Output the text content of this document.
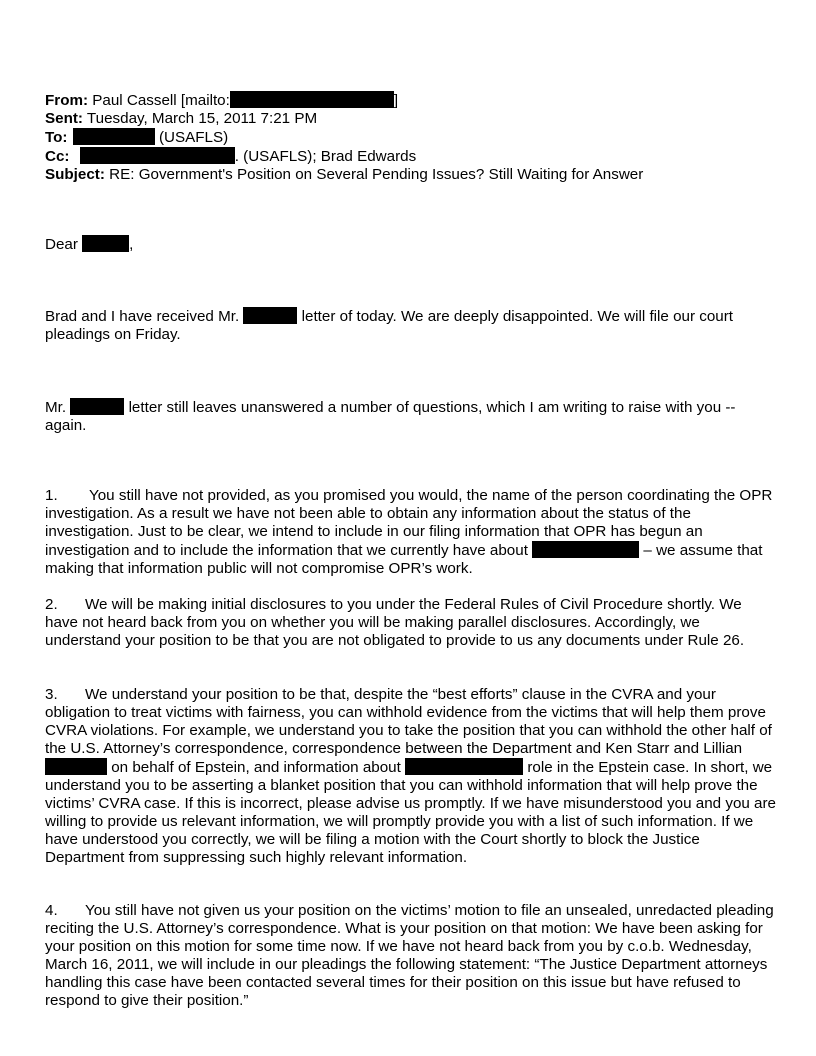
From: Paul Cassell [mailto:	]
Sent: Tuesday, March 15, 2011 7:21 PM
To:	(USAFLS)
Cc:	. (USAFLS); Brad Edwards
Subject: RE: Government's Position on Several Pending Issues? Still Waiting for Answer

Dear	,

Brad and I have received Mr.	letter of today. We are deeply disappointed. We will file our court pleadings on Friday.

Mr.	letter still leaves unanswered a number of questions, which I am writing to raise with you -- again.

1. You still have not provided, as you promised you would, the name of the person coordinating the OPR investigation. As a result we have not been able to obtain any information about the status of the investigation. Just to be clear, we intend to include in our filing information that OPR has begun an investigation and to include the information that we currently have about	– we assume that making that information public will not compromise OPR’s work.

2. We will be making initial disclosures to you under the Federal Rules of Civil Procedure shortly. We have not heard back from you on whether you will be making parallel disclosures. Accordingly, we understand your position to be that you are not obligated to provide to us any documents under Rule 26.

3. We understand your position to be that, despite the “best efforts” clause in the CVRA and your obligation to treat victims with fairness, you can withhold evidence from the victims that will help them prove CVRA violations. For example, we understand you to take the position that you can withhold the other half of the U.S. Attorney’s correspondence, correspondence between the Department and Ken Starr and Lillian  on behalf of Epstein, and information about	role in the Epstein case. In short, we understand you to be asserting a blanket position that you can withhold information that will help prove the victims’ CVRA case. If this is incorrect, please advise us promptly. If we have misunderstood you and you are willing to provide us relevant information, we will promptly provide you with a list of such information. If we have understood you correctly, we will be filing a motion with the Court shortly to block the Justice Department from suppressing such highly relevant information.

4. You still have not given us your position on the victims’ motion to file an unsealed, unredacted pleading reciting the U.S. Attorney’s correspondence. What is your position on that motion: We have been asking for your position on this motion for some time now. If we have not heard back from you by c.o.b. Wednesday, March 16, 2011, we will include in our pleadings the following statement: “The Justice Department attorneys handling this case have been contacted several times for their position on this issue but have refused to respond to give their position.”
